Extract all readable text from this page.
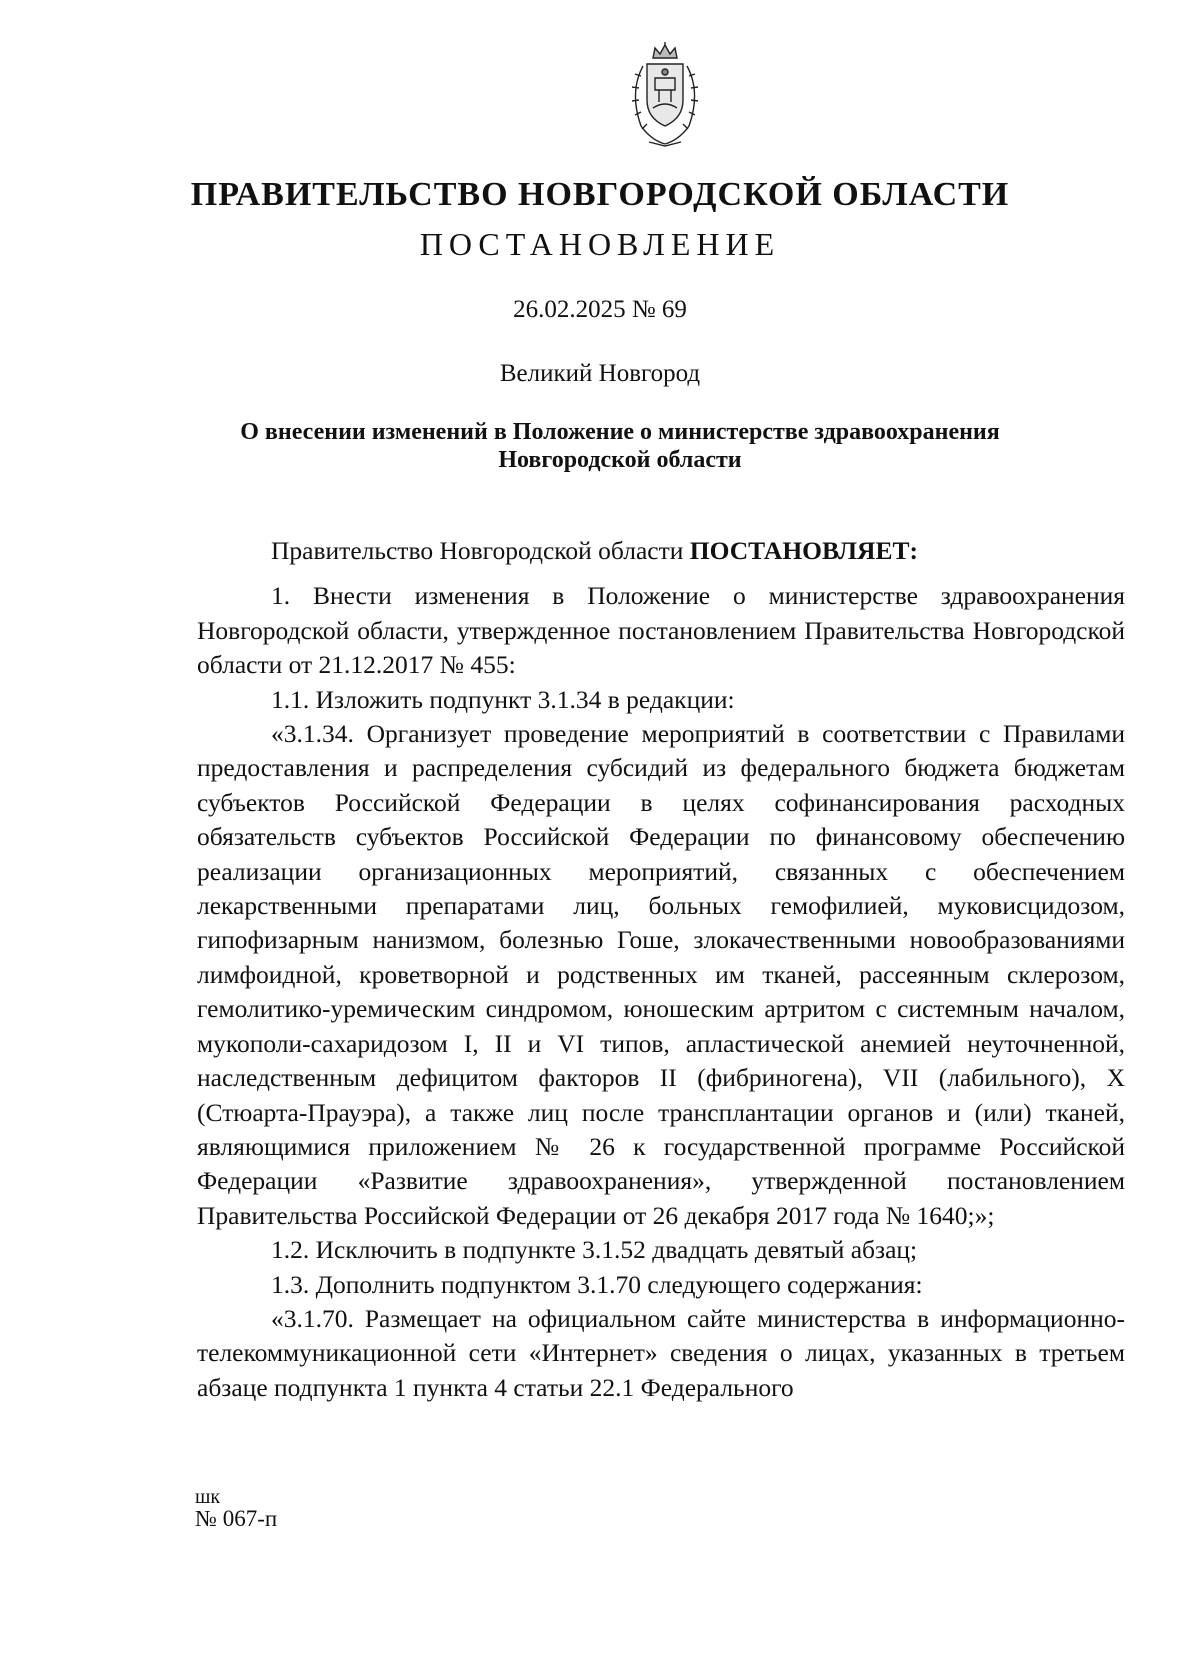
ПРАВИТЕЛЬСТВО НОВГОРОДСКОЙ ОБЛАСТИ
ПОСТАНОВЛЕНИЕ
26.02.2025 № 69
Великий Новгород
О внесении изменений в Положение о министерстве здравоохранения Новгородской области

Правительство Новгородской области ПОСТАНОВЛЯЕТ:

1. Внести изменения в Положение о министерстве здравоохранения Новгородской области, утвержденное постановлением Правительства Новгородской области от 21.12.2017 № 455:

1.1. Изложить подпункт 3.1.34 в редакции:

«3.1.34. Организует проведение мероприятий в соответствии с Правилами предоставления и распределения субсидий из федерального бюджета бюджетам субъектов Российской Федерации в целях софинансирования расходных обязательств субъектов Российской Федерации по финансовому обеспечению реализации организационных мероприятий, связанных с обеспечением лекарственными препаратами лиц, больных гемофилией, муковисцидозом, гипофизарным нанизмом, болезнью Гоше, злокачественными новообразованиями лимфоидной, кроветворной и родственных им тканей, рассеянным склерозом, гемолитико-уремическим синдромом, юношеским артритом с системным началом, мукополи-сахаридозом I, II и VI типов, апластической анемией неуточненной, наследственным дефицитом факторов II (фибриногена), VII (лабильного), X (Стюарта-Прауэра), а также лиц после трансплантации органов и (или) тканей, являющимися приложением № 26 к государственной программе Российской Федерации «Развитие здравоохранения», утвержденной постановлением Правительства Российской Федерации от 26 декабря 2017 года № 1640;»;

1.2. Исключить в подпункте 3.1.52 двадцать девятый абзац;

1.3. Дополнить подпунктом 3.1.70 следующего содержания:

«3.1.70. Размещает на официальном сайте министерства в информационно-телекоммуникационной сети «Интернет» сведения о лицах, указанных в третьем абзаце подпункта 1 пункта 4 статьи 22.1 Федерального

шк
№ 067-п
